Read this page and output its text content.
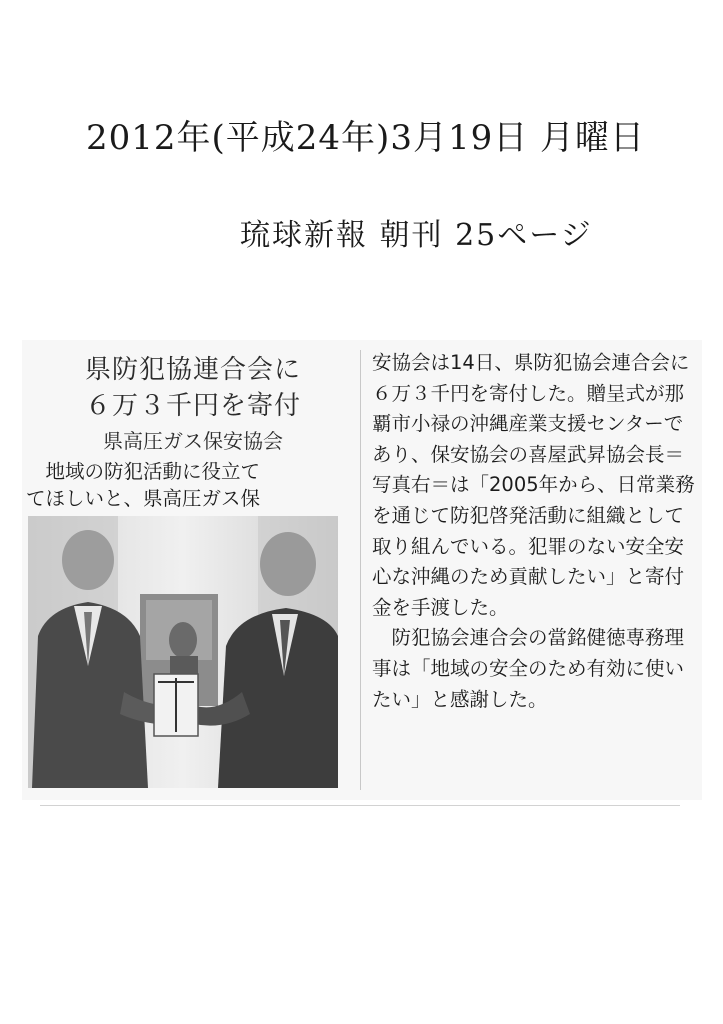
2012年(平成24年)3月19日 月曜日
琉球新報 朝刊 25ページ
県防犯協連合会に
６万３千円を寄付
県高圧ガス保安協会
地域の防犯活動に役立て
てほしいと、県高圧ガス保

安協会は14日、県防犯協会連合会に６万３千円を寄付した。贈呈式が那覇市小禄の沖縄産業支援センターであり、保安協会の喜屋武昇協会長＝写真右＝は「2005年から、日常業務を通じて防犯啓発活動に組織として取り組んでいる。犯罪のない安全安心な沖縄のため貢献したい」と寄付金を手渡した。

防犯協会連合会の當銘健徳専務理事は「地域の安全のため有効に使いたい」と感謝した。
